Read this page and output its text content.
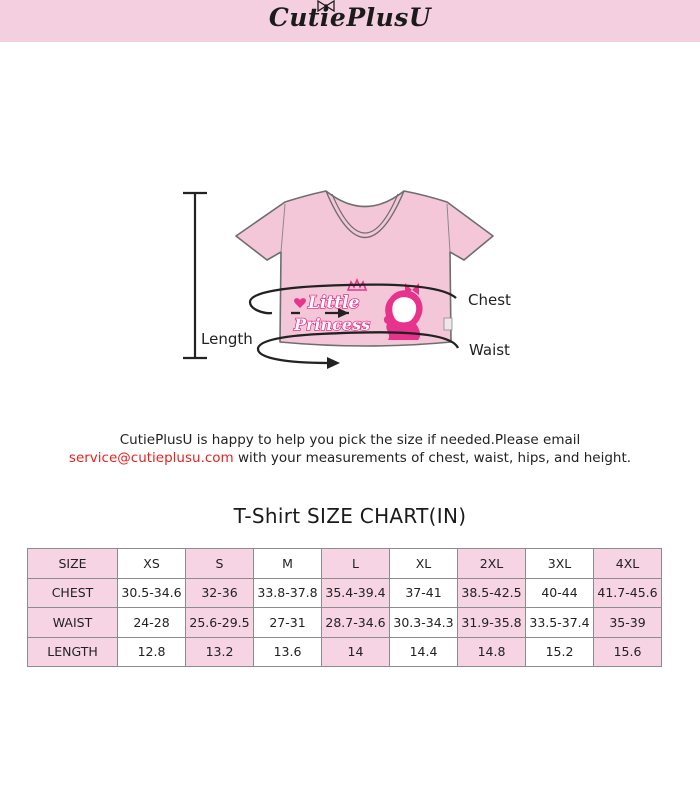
CutiePlusU
Little
Princess
Length
Chest
Waist
CutiePlusU is happy to help you pick the size if needed.Please email
service@cutieplusu.com with your measurements of chest, waist, hips, and height.
T-Shirt SIZE CHART(IN)
SIZE	XS	S	M	L	XL	2XL	3XL	4XL
CHEST	30.5-34.6	32-36	33.8-37.8	35.4-39.4	37-41	38.5-42.5	40-44	41.7-45.6
WAIST	24-28	25.6-29.5	27-31	28.7-34.6	30.3-34.3	31.9-35.8	33.5-37.4	35-39
LENGTH	12.8	13.2	13.6	14	14.4	14.8	15.2	15.6
